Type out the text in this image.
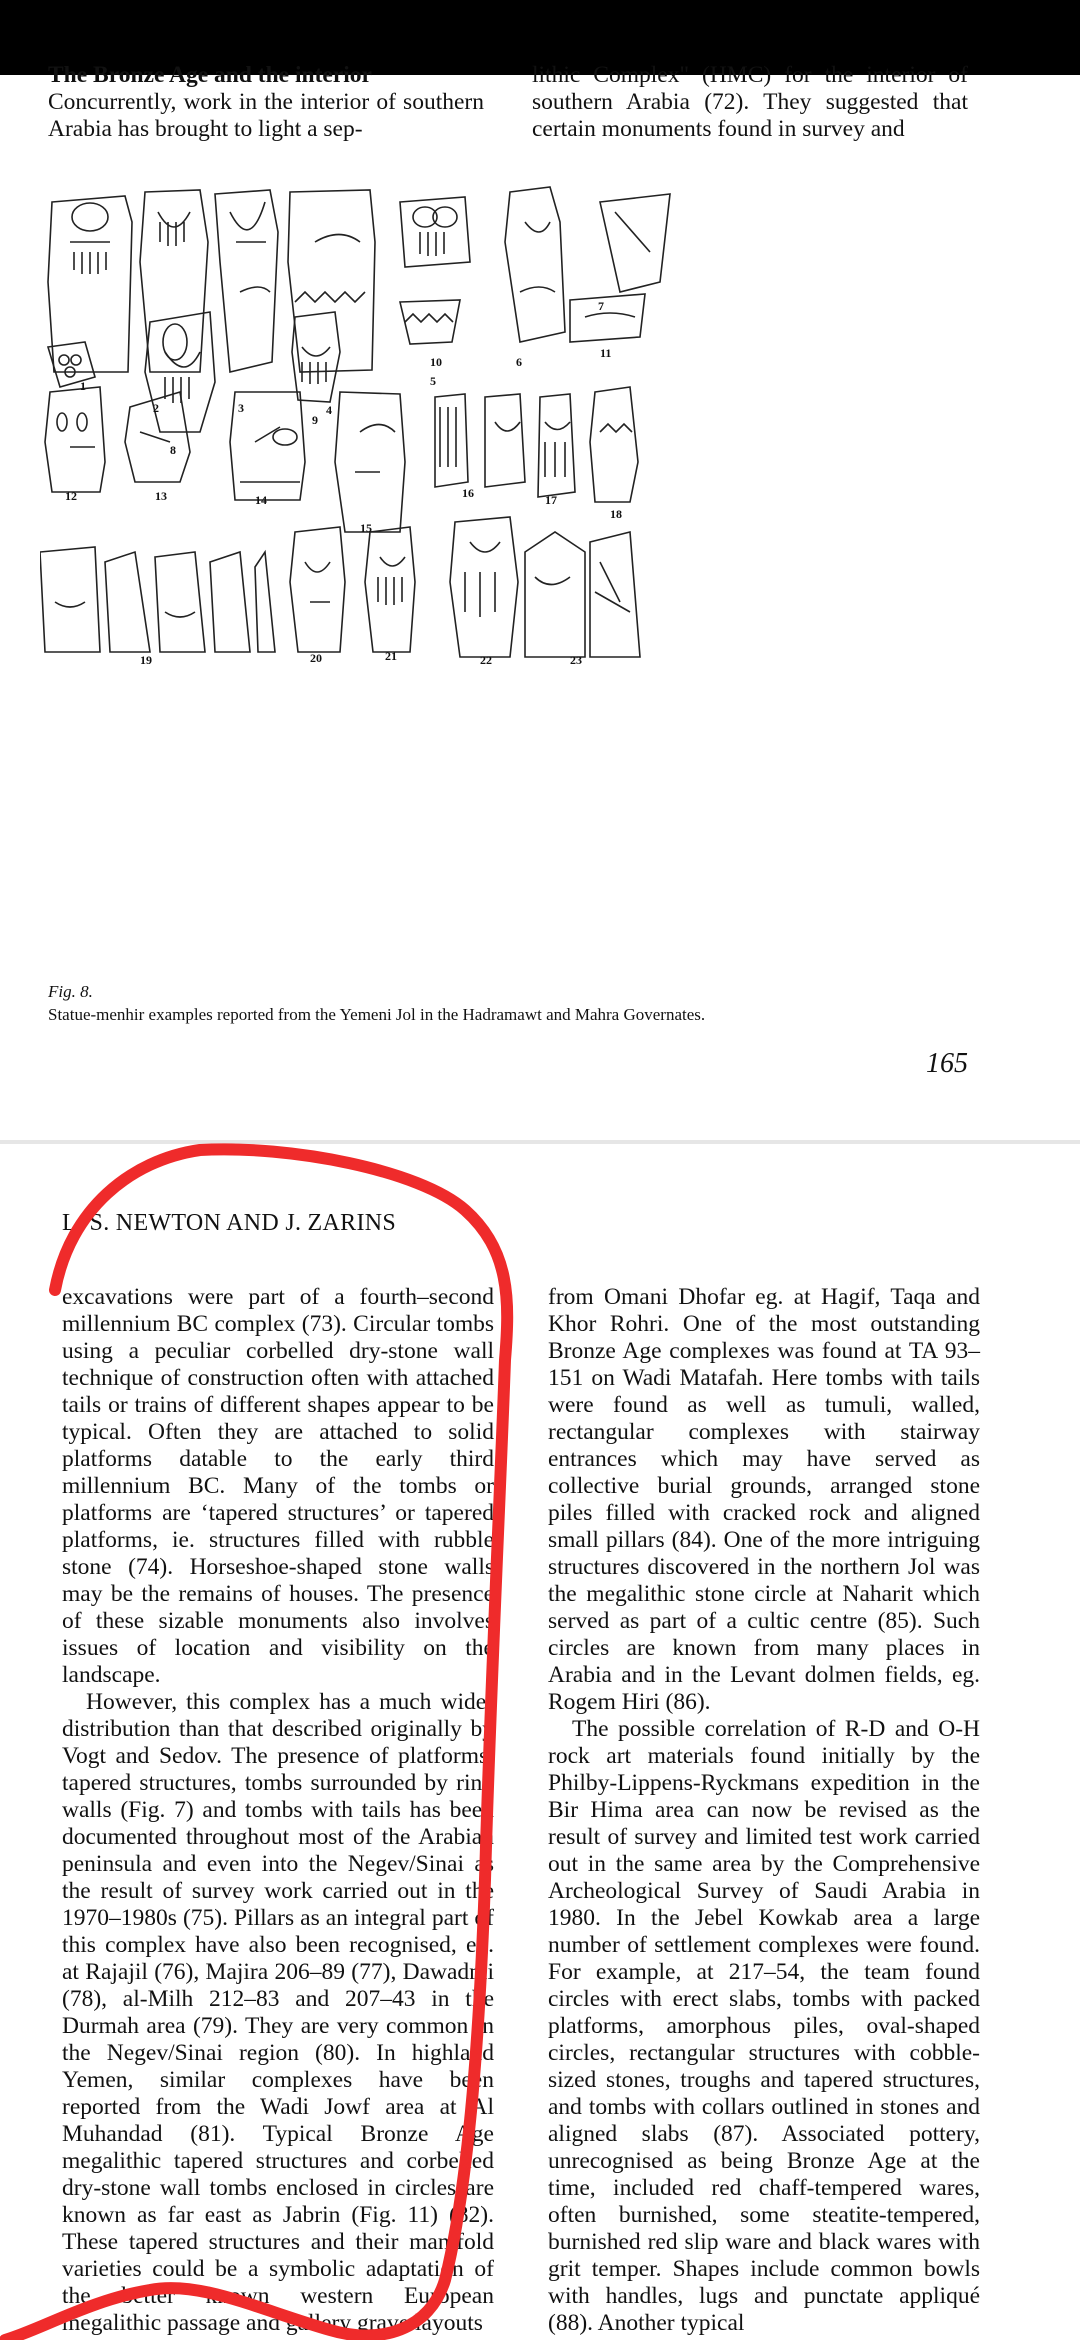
The Bronze Age and the interior

Concurrently, work in the interior of southern Arabia has brought to light a sep-

lithic Complex" (HMC) for the interior of southern Arabia (72). They suggested that certain monuments found in survey and

1
2	3	4
5
6
7
8
9
10
11
12	13	14
15
16	17
18
19	20	21	22	23
Fig. 8.
Statue-menhir examples reported from the Yemeni Jol in the Hadramawt and Mahra Governates.
165
L. S. NEWTON AND J. ZARINS

excavations were part of a fourth–second millennium BC complex (73). Circular tombs using a peculiar corbelled dry-stone wall technique of construction often with attached tails or trains of different shapes appear to be typical. Often they are attached to solid platforms datable to the early third millennium BC. Many of the tombs or platforms are ‘tapered structures’ or tapered platforms, ie. structures filled with rubble stone (74). Horseshoe-shaped stone walls may be the remains of houses. The presence of these sizable monuments also involves issues of location and visibility on the landscape.

However, this complex has a much wider distribution than that described originally by Vogt and Sedov. The presence of platforms, tapered structures, tombs surrounded by ring walls (Fig. 7) and tombs with tails has been documented throughout most of the Arabian peninsula and even into the Negev/Sinai as the result of survey work carried out in the 1970–1980s (75). Pillars as an integral part of this complex have also been recognised, eg. at Rajajil (76), Majira 206–89 (77), Dawadmi (78), al-Milh 212–83 and 207–43 in the Durmah area (79). They are very common in the Negev/Sinai region (80). In highland Yemen, similar complexes have been reported from the Wadi Jowf area at Al Muhandad (81). Typical Bronze Age megalithic tapered structures and corbelled dry-stone wall tombs enclosed in circles are known as far east as Jabrin (Fig. 11) (82). These tapered structures and their manifold varieties could be a symbolic adaptation of the better known western European megalithic passage and gallery grave layouts

from Omani Dhofar eg. at Hagif, Taqa and Khor Rohri. One of the most outstanding Bronze Age complexes was found at TA 93–151 on Wadi Matafah. Here tombs with tails were found as well as tumuli, walled, rectangular complexes with stairway entrances which may have served as collective burial grounds, arranged stone piles filled with cracked rock and aligned small pillars (84). One of the more intriguing structures discovered in the northern Jol was the megalithic stone circle at Naharit which served as part of a cultic centre (85). Such circles are known from many places in Arabia and in the Levant dolmen fields, eg. Rogem Hiri (86).

The possible correlation of R-D and O-H rock art materials found initially by the Philby-Lippens-Ryckmans expedition in the Bir Hima area can now be revised as the result of survey and limited test work carried out in the same area by the Comprehensive Archeological Survey of Saudi Arabia in 1980. In the Jebel Kowkab area a large number of settlement complexes were found. For example, at 217–54, the team found circles with erect slabs, tombs with packed platforms, amorphous piles, oval-shaped circles, rectangular structures with cobble-sized stones, troughs and tapered structures, and tombs with collars outlined in stones and aligned slabs (87). Associated pottery, unrecognised as being Bronze Age at the time, included red chaff-tempered wares, often burnished, some steatite-tempered, burnished red slip ware and black wares with grit temper. Shapes include common bowls with handles, lugs and punctate appliqué (88). Another typical
